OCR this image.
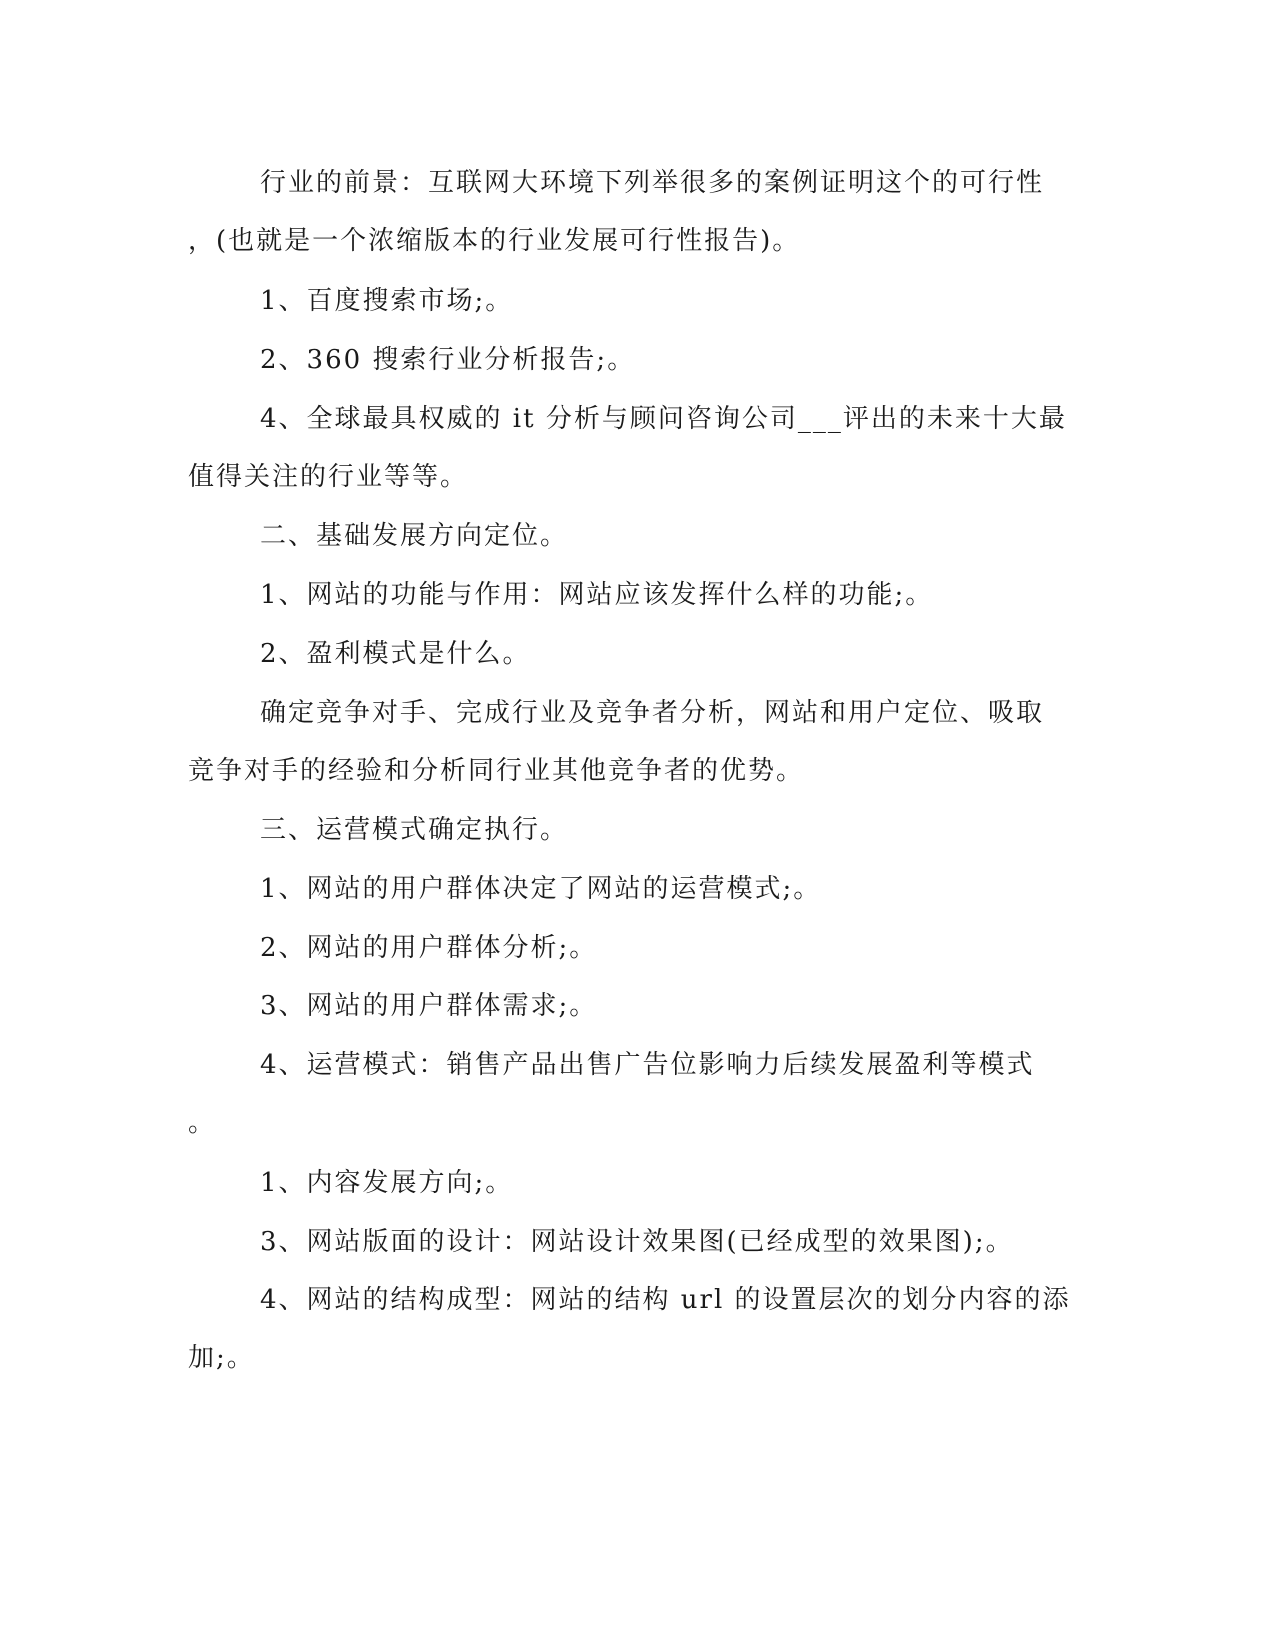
行业的前景：互联网大环境下列举很多的案例证明这个的可行性
，(也就是一个浓缩版本的行业发展可行性报告)。
1、百度搜索市场;。
2、360 搜索行业分析报告;。
4、全球最具权威的 it 分析与顾问咨询公司___评出的未来十大最
值得关注的行业等等。
二、基础发展方向定位。
1、网站的功能与作用：网站应该发挥什么样的功能;。
2、盈利模式是什么。
确定竞争对手、完成行业及竞争者分析，网站和用户定位、吸取
竞争对手的经验和分析同行业其他竞争者的优势。
三、运营模式确定执行。
1、网站的用户群体决定了网站的运营模式;。
2、网站的用户群体分析;。
3、网站的用户群体需求;。
4、运营模式：销售产品出售广告位影响力后续发展盈利等模式
。
1、内容发展方向;。
3、网站版面的设计：网站设计效果图(已经成型的效果图);。
4、网站的结构成型：网站的结构 url 的设置层次的划分内容的添
加;。
